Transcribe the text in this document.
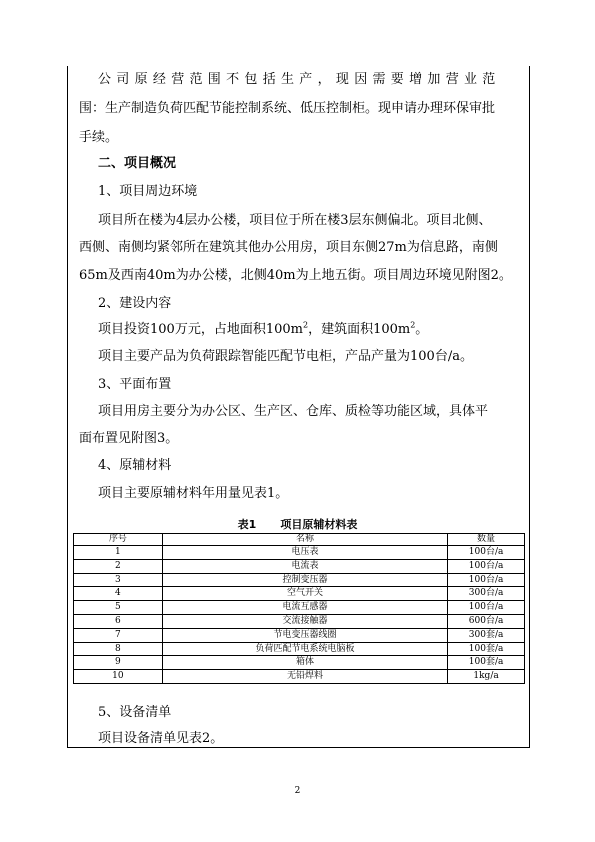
公司原经营范围不包括生产，现因需要增加营业范
围：生产制造负荷匹配节能控制系统、低压控制柜。现申请办理环保审批
手续。
二、项目概况
1、项目周边环境
项目所在楼为4层办公楼，项目位于所在楼3层东侧偏北。项目北侧、
西侧、南侧均紧邻所在建筑其他办公用房，项目东侧27m为信息路，南侧
65m及西南40m为办公楼，北侧40m为上地五街。项目周边环境见附图2。
2、建设内容
项目投资100万元，占地面积$100m^2$，建筑面积$100m^2$。
项目主要产品为负荷跟踪智能匹配节电柜，产品产量为100台/a。
3、平面布置
项目用房主要分为办公区、生产区、仓库、质检等功能区域，具体平
面布置见附图3。
4、原辅材料
项目主要原辅材料年用量见表1。
表1 项目原辅材料表
序号	名称	数量
1	电压表	100台/a
2	电流表	100台/a
3	控制变压器	100台/a
4	空气开关	300台/a
5	电流互感器	100台/a
6	交流接触器	600台/a
7	节电变压器线圈	300套/a
8	负荷匹配节电系统电脑板	100套/a
9	箱体	100套/a
10	无铅焊料	1kg/a
5、设备清单
项目设备清单见表2。
2
